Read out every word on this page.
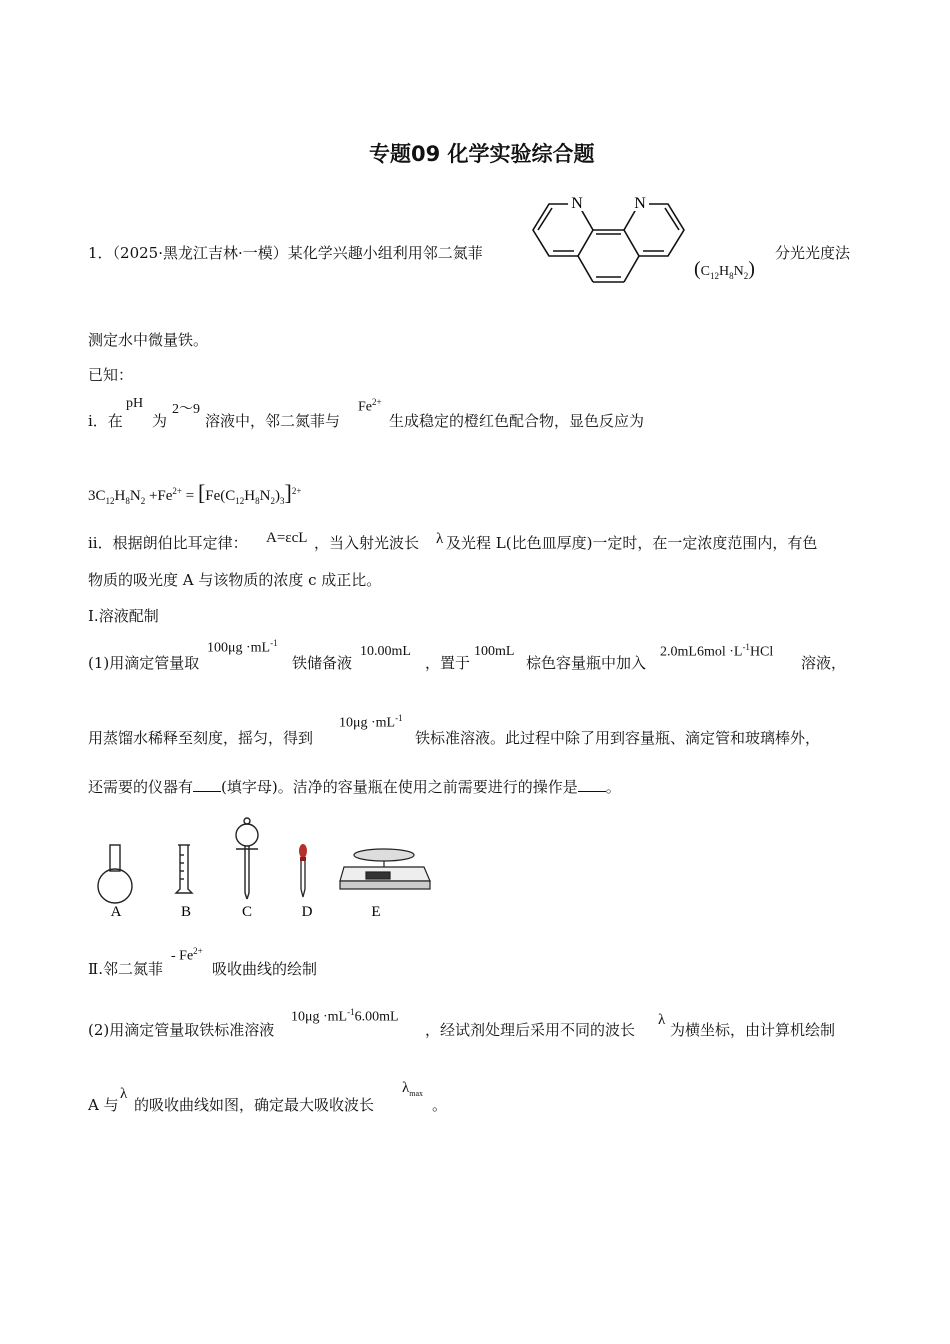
专题09 化学实验综合题
1．（2025·黑龙江吉林·一模）某化学兴趣小组利用邻二氮菲
N	N
$(C_{12}H_8N_2)$
分光光度法
测定水中微量铁。
已知：
i．在
pH
为
2～9
溶液中，邻二氮菲与
$Fe^{2+}$
生成稳定的橙红色配合物，显色反应为
$3C_{12}H_8N_2 +Fe^{2+} = [Fe(C_{12}H_8N_2)_3]^{2+}$
ii．根据朗伯比耳定律： A=εcL ，当入射光波长 λ 及光程 L(比色皿厚度)一定时，在一定浓度范围内，有色
物质的吸光度 A 与该物质的浓度 c 成正比。
Ⅰ.溶液配制
(1)用滴定管量取
$100\mu g \cdot mL^{-1}$
铁储备液
10.00mL
，置于
100mL
棕色容量瓶中加入
$2.0mL6mol \cdot L^{-1}HCl$
溶液，
用蒸馏水稀释至刻度，摇匀，得到
$10\mu g \cdot mL^{-1}$
铁标准溶液。此过程中除了用到容量瓶、滴定管和玻璃棒外，
还需要的仪器有 (填字母)。洁净的容量瓶在使用之前需要进行的操作是 。
A	B	C	D	E
Ⅱ.邻二氮菲
- $Fe^{2+}$
吸收曲线的绘制
(2)用滴定管量取铁标准溶液
$10\mu g \cdot mL^{-1}6.00mL$
，经试剂处理后采用不同的波长
λ
为横坐标，由计算机绘制
A 与
λ
的吸收曲线如图，确定最大吸收波长
$\lambda_{max}$
。
